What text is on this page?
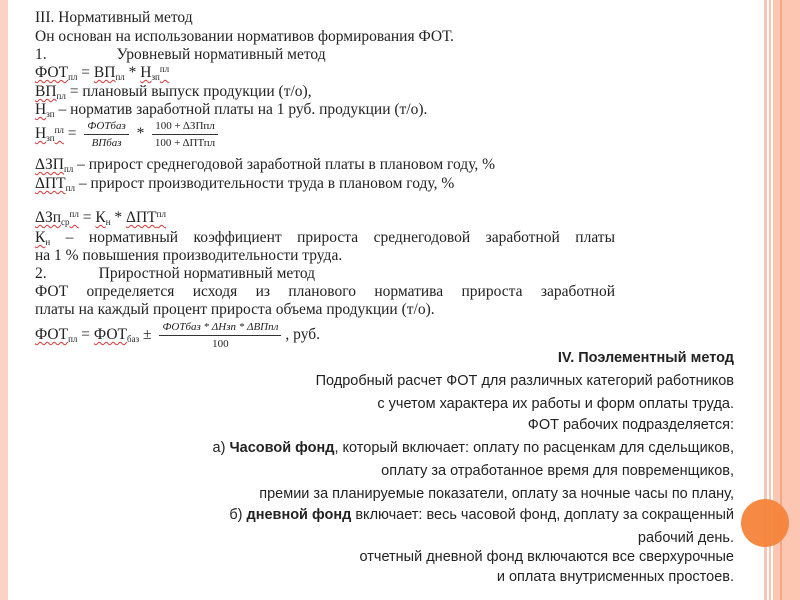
III. Нормативный метод
Он основан на использовании нормативов формирования ФОТ.
1.	Уровневый нормативный метод
$ФОТ_{пл} = ВП_{пл} * Н_{зп}^{пл}$
$ВП_{пл}$ = плановый выпуск продукции (т/о),
$Н_{зп}$ – норматив заработной платы на 1 руб. продукции (т/о).
$Н_{зп}^{пл} = \frac{\text{ФОТбаз}}{\text{ВПбаз}} * \frac{\text{100 + ΔЗПпл}}{\text{100 + ΔПТпл}}$
$\Delta ЗП_{пл}$ – прирост среднегодовой заработной платы в плановом году, %
$\Delta ПТ_{пл}$ – прирост производительности труда в плановом году, %
$\Delta Зп_{ср}^{пл} = К_н * \Delta ПТ^{пл}$
$К_н$ – нормативный коэффициент прироста среднегодовой заработной платы
на 1 % повышения производительности труда.
2.	Приростной нормативный метод
ФОТ определяется исходя из планового норматива прироста заработной
платы на каждый процент прироста объема продукции (т/о).
$ФОТ_{пл} = ФОТ_{баз} \pm \frac{\text{ФОТбаз * ΔНзп * ΔВПпл}}{100}$ , руб.
IV. Поэлементный метод
Подробный расчет ФОТ для различных категорий работников
с учетом характера их работы и форм оплаты труда.
ФОТ рабочих подразделяется:
а) Часовой фонд, который включает: оплату по расценкам для сдельщиков,
оплату за отработанное время для повременщиков,
премии за планируемые показатели, оплату за ночные часы по плану,
б) дневной фонд включает: весь часовой фонд, доплату за сокращенный
рабочий день.
отчетный дневной фонд включаются все сверхурочные
и оплата внутрисменных простоев.
